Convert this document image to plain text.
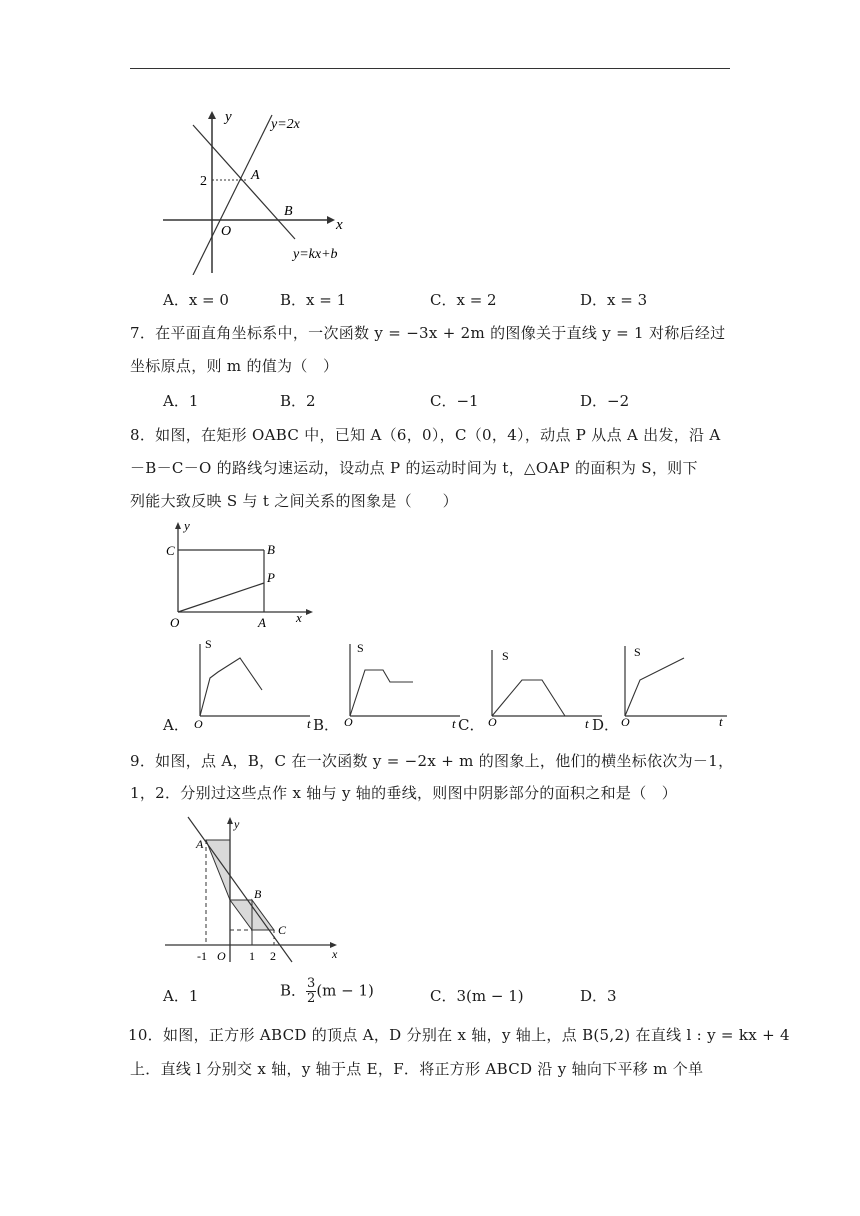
y
x
O
y=2x
y=kx+b
2	A
B
A．x = 0	B．x = 1	C．x = 2	D．x = 3
7．在平面直角坐标系中，一次函数 y = −3x + 2m 的图像关于直线 y = 1 对称后经过
坐标原点，则 m 的值为（　）
A．1	B．2	C．−1	D．−2
8．如图，在矩形 OABC 中，已知 A（6，0），C（0，4），动点 P 从点 A 出发，沿 A
－B－C－O 的路线匀速运动，设动点 P 的运动时间为 t，△OAP 的面积为 S，则下
列能大致反映 S 与 t 之间关系的图象是（　　）
y
x
O	A
B
C
P
S
O	t
A．
S
O	t
B．
S
O	t
C．
S
O	t
D．
9．如图，点 A，B，C 在一次函数 y = −2x + m 的图象上，他们的横坐标依次为－1，
1，2．分别过这些点作 x 轴与 y 轴的垂线，则图中阴影部分的面积之和是（　）
y
x
O
A
B
C
-1	1 2
A．1	B． $\frac{3}{2} (m - 1)$	C．3(m − 1)	D．3
10．如图，正方形 ABCD 的顶点 A，D 分别在 x 轴，y 轴上，点 B(5,2) 在直线 l : y = kx + 4
上．直线 l 分别交 x 轴，y 轴于点 E，F．将正方形 ABCD 沿 y 轴向下平移 m 个单
